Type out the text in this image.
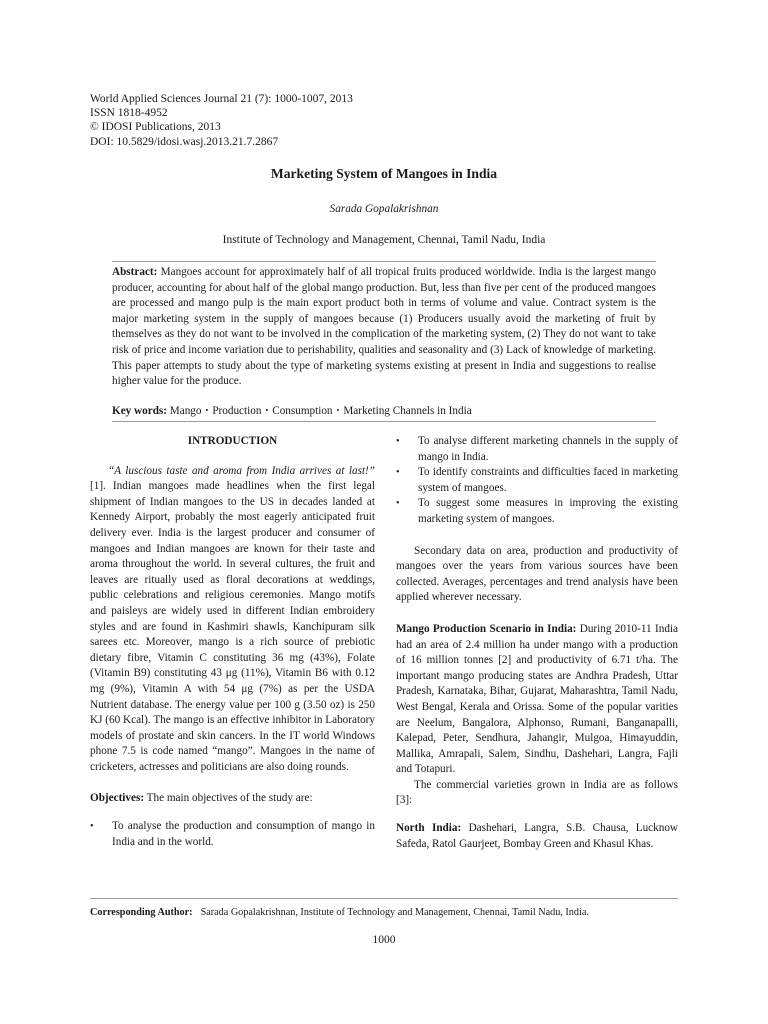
World Applied Sciences Journal 21 (7): 1000-1007, 2013
ISSN 1818-4952
© IDOSI Publications, 2013
DOI: 10.5829/idosi.wasj.2013.21.7.2867
Marketing System of Mangoes in India
Sarada Gopalakrishnan
Institute of Technology and Management, Chennai, Tamil Nadu, India

Abstract: Mangoes account for approximately half of all tropical fruits produced worldwide. India is the largest mango producer, accounting for about half of the global mango production. But, less than five per cent of the produced mangoes are processed and mango pulp is the main export product both in terms of volume and value. Contract system is the major marketing system in the supply of mangoes because (1) Producers usually avoid the marketing of fruit by themselves as they do not want to be involved in the complication of the marketing system, (2) They do not want to take risk of price and income variation due to perishability, qualities and seasonality and (3) Lack of knowledge of marketing. This paper attempts to study about the type of marketing systems existing at present in India and suggestions to realise higher value for the produce.

Key words: Mango • Production • Consumption • Marketing Channels in India

INTRODUCTION

“A luscious taste and aroma from India arrives at last!” [1]. Indian mangoes made headlines when the first legal shipment of Indian mangoes to the US in decades landed at Kennedy Airport, probably the most eagerly anticipated fruit delivery ever. India is the largest producer and consumer of mangoes and Indian mangoes are known for their taste and aroma throughout the world. In several cultures, the fruit and leaves are ritually used as floral decorations at weddings, public celebrations and religious ceremonies. Mango motifs and paisleys are widely used in different Indian embroidery styles and are found in Kashmiri shawls, Kanchipuram silk sarees etc. Moreover, mango is a rich source of prebiotic dietary fibre, Vitamin C constituting 36 mg (43%), Folate (Vitamin B9) constituting 43 μg (11%), Vitamin B6 with 0.12 mg (9%), Vitamin A with 54 μg (7%) as per the USDA Nutrient database. The energy value per 100 g (3.50 oz) is 250 KJ (60 Kcal). The mango is an effective inhibitor in Laboratory models of prostate and skin cancers. In the IT world Windows phone 7.5 is code named “mango”. Mangoes in the name of cricketers, actresses and politicians are also doing rounds.

Objectives: The main objectives of the study are:

• To analyse the production and consumption of mango in India and in the world.
• To analyse different marketing channels in the supply of mango in India.
• To identify constraints and difficulties faced in marketing system of mangoes.
• To suggest some measures in improving the existing marketing system of mangoes.

Secondary data on area, production and productivity of mangoes over the years from various sources have been collected. Averages, percentages and trend analysis have been applied wherever necessary.

Mango Production Scenario in India: During 2010-11 India had an area of 2.4 million ha under mango with a production of 16 million tonnes [2] and productivity of 6.71 t/ha. The important mango producing states are Andhra Pradesh, Uttar Pradesh, Karnataka, Bihar, Gujarat, Maharashtra, Tamil Nadu, West Bengal, Kerala and Orissa. Some of the popular varities are Neelum, Bangalora, Alphonso, Rumani, Banganapalli, Kalepad, Peter, Sendhura, Jahangir, Mulgoa, Himayuddin, Mallika, Amrapali, Salem, Sindhu, Dashehari, Langra, Fajli and Totapuri.

The commercial varieties grown in India are as follows [3]:

North India: Dashehari, Langra, S.B. Chausa, Lucknow Safeda, Ratol Gaurjeet, Bombay Green and Khasul Khas.

Corresponding Author: Sarada Gopalakrishnan, Institute of Technology and Management, Chennai, Tamil Nadu, India.
1000
